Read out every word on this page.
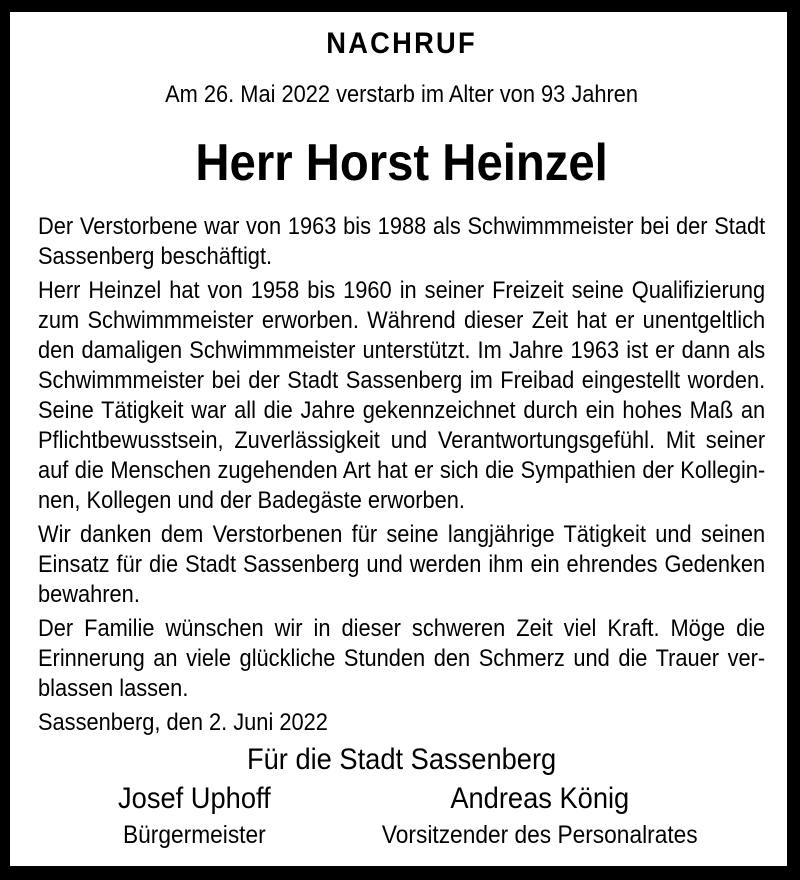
NACHRUF
Am 26. Mai 2022 verstarb im Alter von 93 Jahren
Herr Horst Heinzel

Der Verstorbene war von 1963 bis 1988 als Schwimmmeister bei der Stadt Sassenberg beschäftigt.

Herr Heinzel hat von 1958 bis 1960 in seiner Freizeit seine Qualifizierung zum Schwimmmeister erworben. Während dieser Zeit hat er unentgeltlich den damaligen Schwimmmeister unterstützt. Im Jahre 1963 ist er dann als Schwimmmeister bei der Stadt Sassenberg im Freibad eingestellt worden. Seine Tätigkeit war all die Jahre gekennzeichnet durch ein hohes Maß an Pflichtbewusstsein, Zuverlässigkeit und Verantwortungsgefühl. Mit seiner auf die Menschen zugehenden Art hat er sich die Sympathien der Kolleginnen, Kollegen und der Badegäste erworben.

Wir danken dem Verstorbenen für seine langjährige Tätigkeit und seinen Einsatz für die Stadt Sassenberg und werden ihm ein ehrendes Gedenken bewahren.

Der Familie wünschen wir in dieser schweren Zeit viel Kraft. Möge die Erinnerung an viele glückliche Stunden den Schmerz und die Trauer verblassen lassen.

Sassenberg, den 2. Juni 2022

Für die Stadt Sassenberg
Josef Uphoff
Bürgermeister
Andreas König
Vorsitzender des Personalrates
